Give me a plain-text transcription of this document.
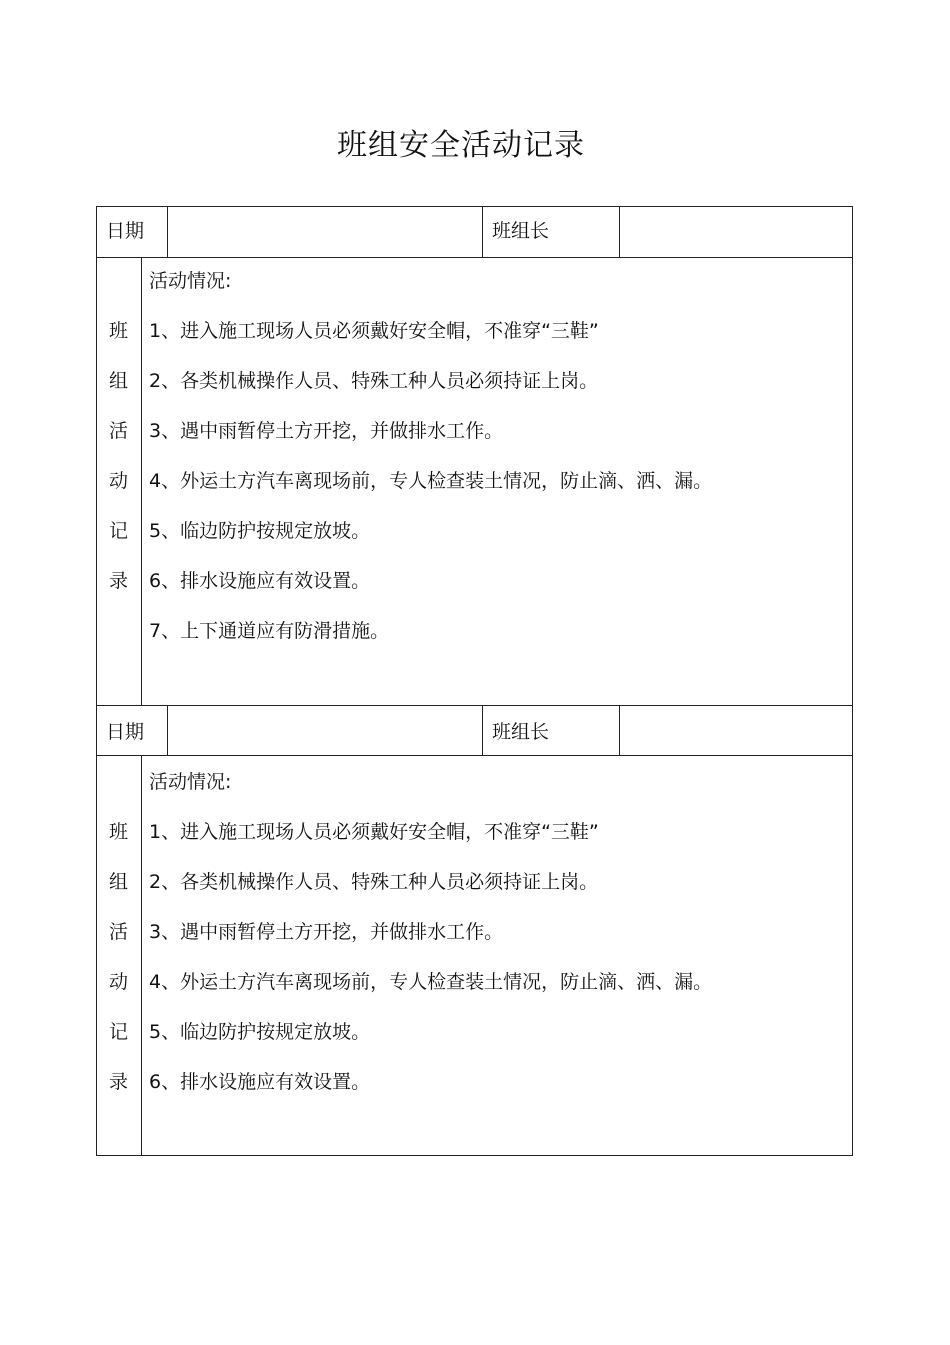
班组安全活动记录
日期	班组长
班
组
活
动
记
录
活动情况:
1、进入施工现场人员必须戴好安全帽，不准穿“三鞋”
2、各类机械操作人员、特殊工种人员必须持证上岗。
3、遇中雨暂停土方开挖，并做排水工作。
4、外运土方汽车离现场前，专人检查装土情况，防止滴、洒、漏。
5、临边防护按规定放坡。
6、排水设施应有效设置。
7、上下通道应有防滑措施。
日期	班组长
班
组
活
动
记
录
活动情况:
1、进入施工现场人员必须戴好安全帽，不准穿“三鞋”
2、各类机械操作人员、特殊工种人员必须持证上岗。
3、遇中雨暂停土方开挖，并做排水工作。
4、外运土方汽车离现场前，专人检查装土情况，防止滴、洒、漏。
5、临边防护按规定放坡。
6、排水设施应有效设置。
